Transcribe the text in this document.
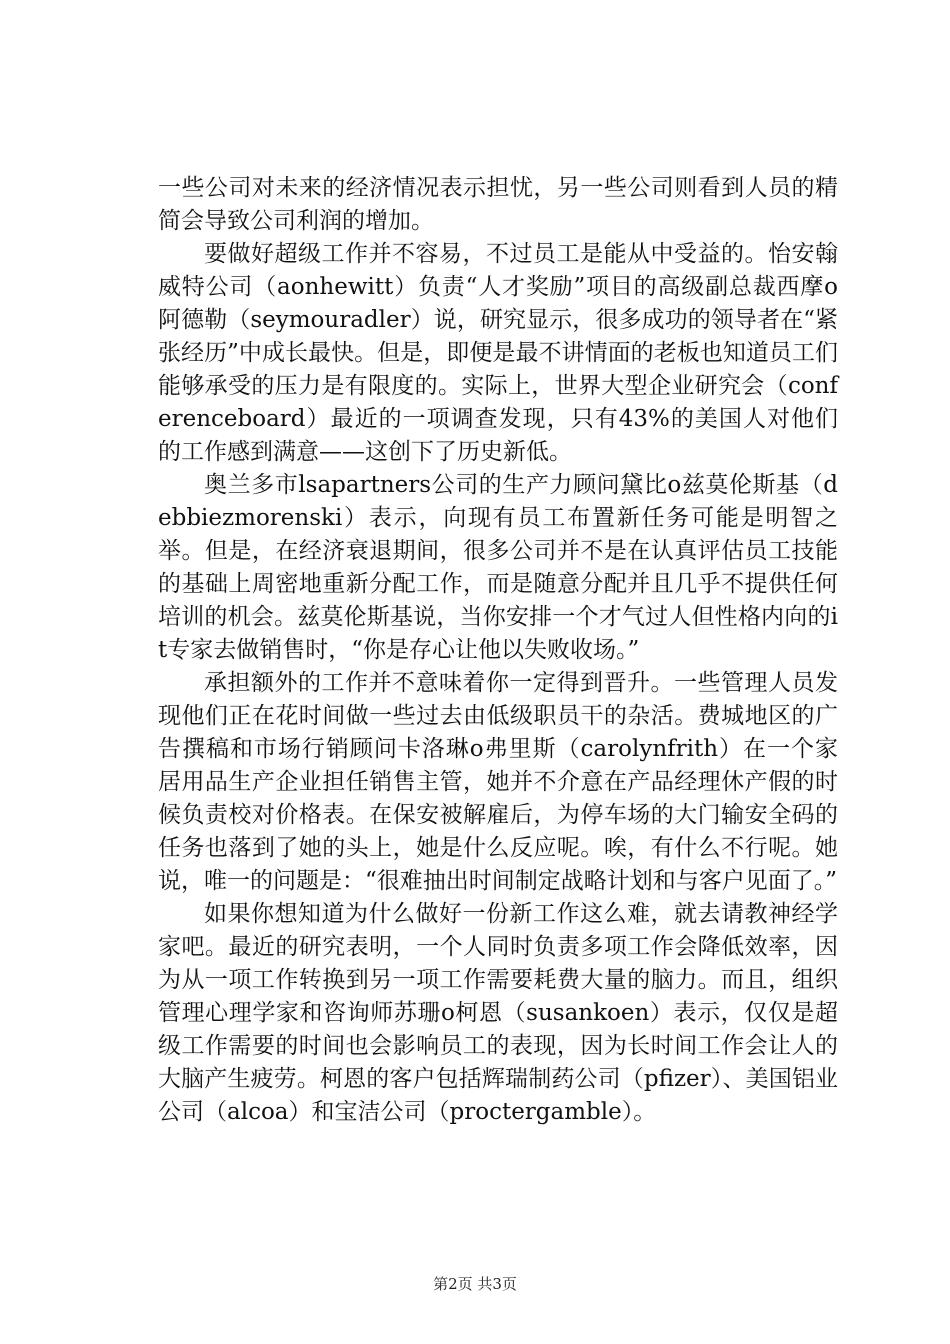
一些公司对未来的经济情况表示担忧，另一些公司则看到人员的精简会导致公司利润的增加。

要做好超级工作并不容易，不过员工是能从中受益的。怡安翰威特公司（aonhewitt）负责“人才奖励”项目的高级副总裁西摩o阿德勒（seymouradler）说，研究显示，很多成功的领导者在“紧张经历”中成长最快。但是，即便是最不讲情面的老板也知道员工们能够承受的压力是有限度的。实际上，世界大型企业研究会（conferenceboard）最近的一项调查发现，只有43%的美国人对他们的工作感到满意——这创下了历史新低。

奥兰多市lsapartners公司的生产力顾问黛比o兹莫伦斯基（debbiezmorenski）表示，向现有员工布置新任务可能是明智之举。但是，在经济衰退期间，很多公司并不是在认真评估员工技能的基础上周密地重新分配工作，而是随意分配并且几乎不提供任何培训的机会。兹莫伦斯基说，当你安排一个才气过人但性格内向的it专家去做销售时，“你是存心让他以失败收场。”

承担额外的工作并不意味着你一定得到晋升。一些管理人员发现他们正在花时间做一些过去由低级职员干的杂活。费城地区的广告撰稿和市场行销顾问卡洛琳o弗里斯（carolynfrith）在一个家居用品生产企业担任销售主管，她并不介意在产品经理休产假的时候负责校对价格表。在保安被解雇后，为停车场的大门输安全码的任务也落到了她的头上，她是什么反应呢。唉，有什么不行呢。她说，唯一的问题是：“很难抽出时间制定战略计划和与客户见面了。”

如果你想知道为什么做好一份新工作这么难，就去请教神经学家吧。最近的研究表明，一个人同时负责多项工作会降低效率，因为从一项工作转换到另一项工作需要耗费大量的脑力。而且，组织管理心理学家和咨询师苏珊o柯恩（susankoen）表示，仅仅是超级工作需要的时间也会影响员工的表现，因为长时间工作会让人的大脑产生疲劳。柯恩的客户包括辉瑞制药公司（pfizer）、美国铝业公司（alcoa）和宝洁公司（proctergamble）。

第2页 共3页
